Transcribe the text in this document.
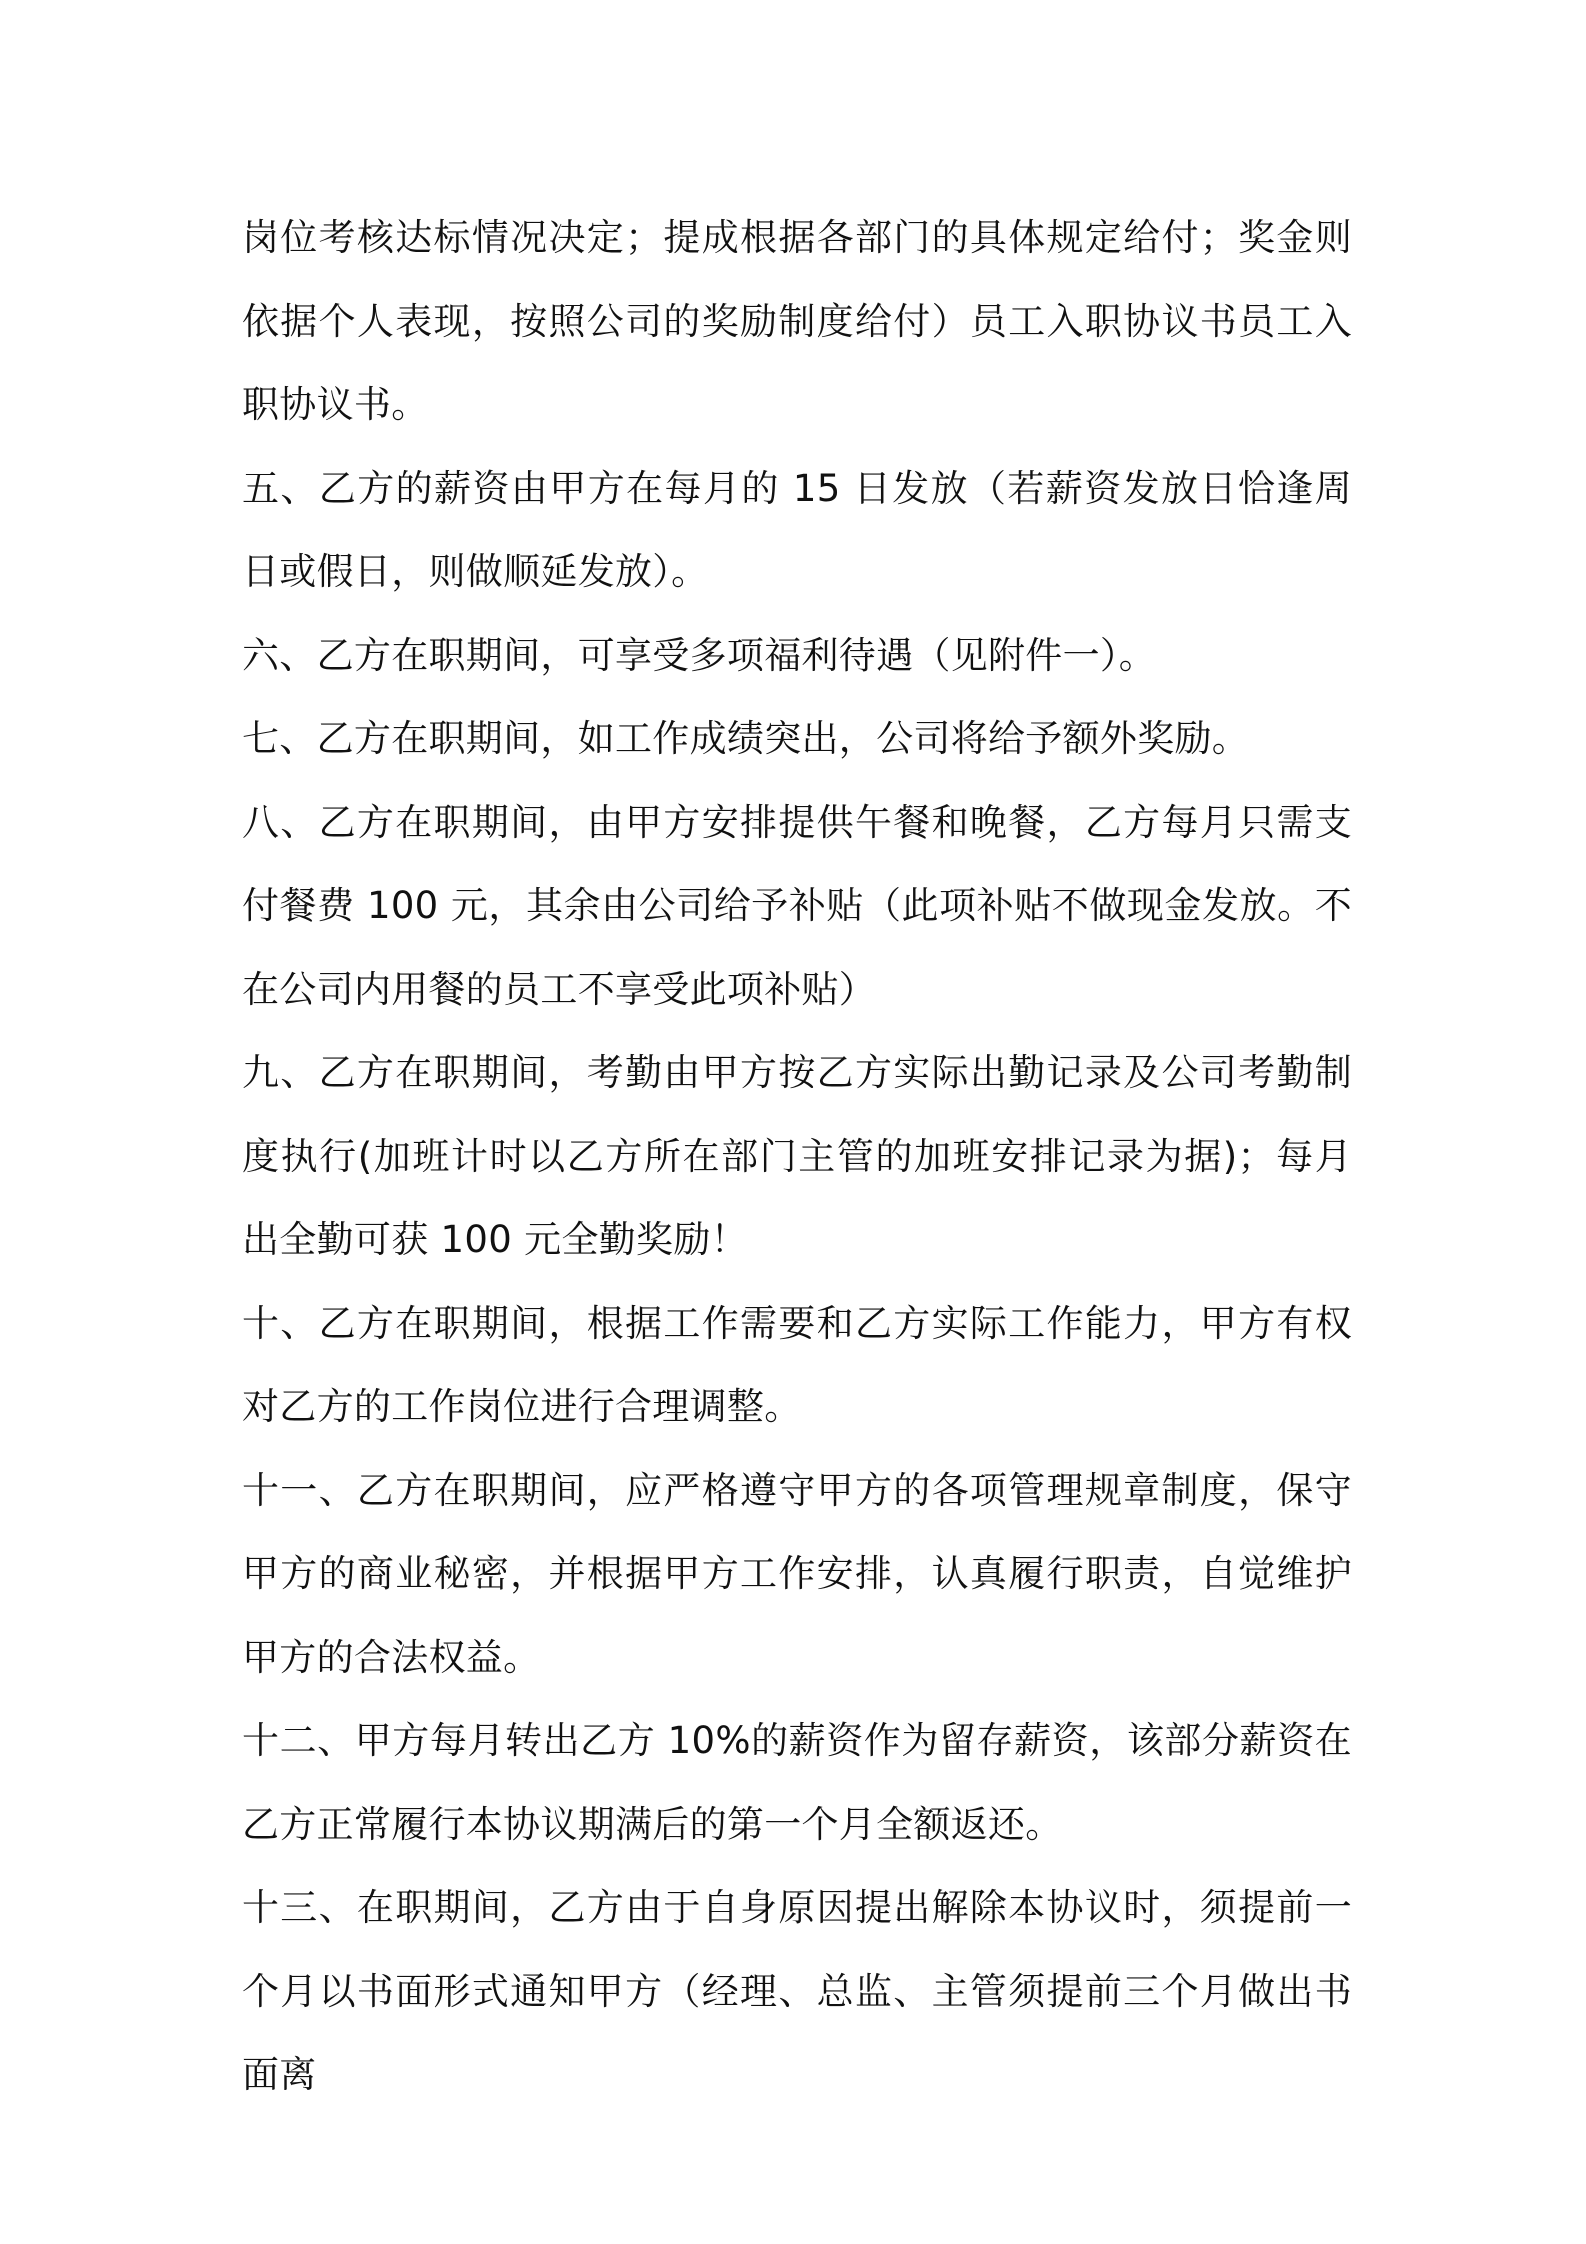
岗位考核达标情况决定；提成根据各部门的具体规定给付；奖金则依据个人表现，按照公司的奖励制度给付）员工入职协议书员工入职协议书。

五、乙方的薪资由甲方在每月的 15 日发放（若薪资发放日恰逢周日或假日，则做顺延发放）。

六、乙方在职期间，可享受多项福利待遇（见附件一）。

七、乙方在职期间，如工作成绩突出，公司将给予额外奖励。

八、乙方在职期间，由甲方安排提供午餐和晚餐，乙方每月只需支付餐费 100 元，其余由公司给予补贴（此项补贴不做现金发放。不在公司内用餐的员工不享受此项补贴）

九、乙方在职期间，考勤由甲方按乙方实际出勤记录及公司考勤制度执行(加班计时以乙方所在部门主管的加班安排记录为据)；每月出全勤可获 100 元全勤奖励！

十、乙方在职期间，根据工作需要和乙方实际工作能力，甲方有权对乙方的工作岗位进行合理调整。

十一、乙方在职期间，应严格遵守甲方的各项管理规章制度，保守甲方的商业秘密，并根据甲方工作安排，认真履行职责，自觉维护甲方的合法权益。

十二、甲方每月转出乙方 10%的薪资作为留存薪资，该部分薪资在乙方正常履行本协议期满后的第一个月全额返还。

十三、在职期间，乙方由于自身原因提出解除本协议时，须提前一个月以书面形式通知甲方（经理、总监、主管须提前三个月做出书面离
